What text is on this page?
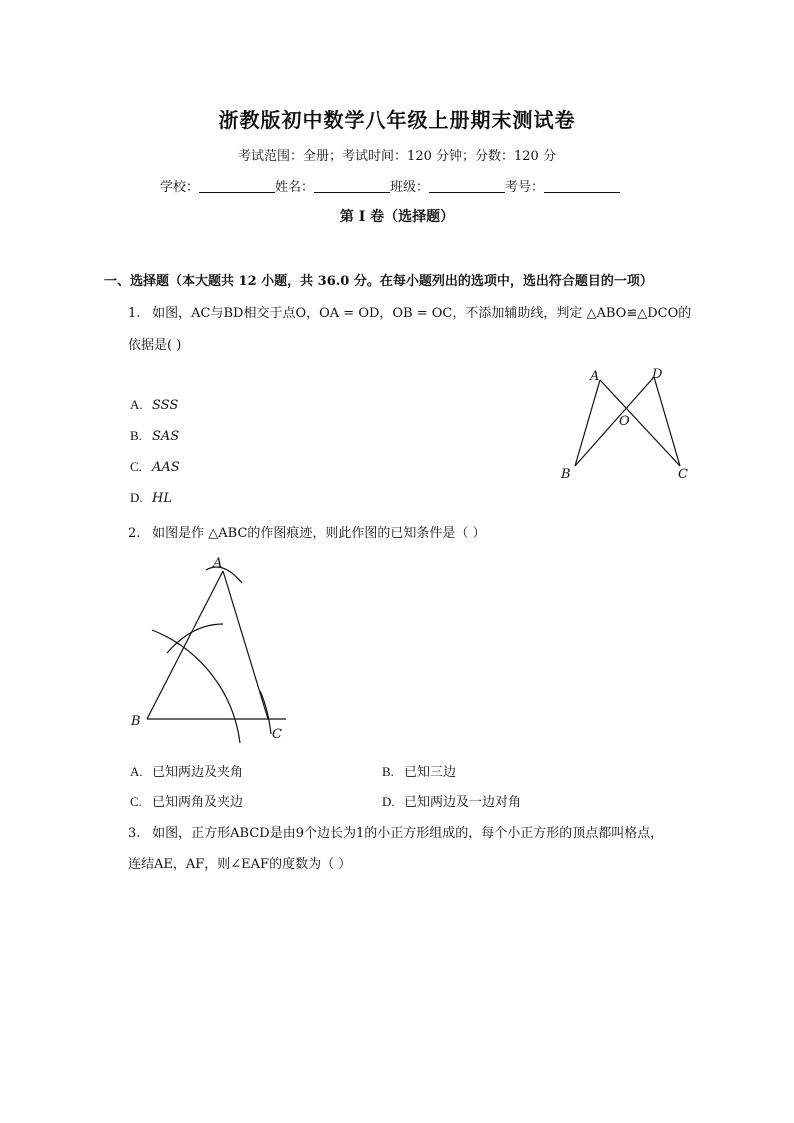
浙教版初中数学八年级上册期末测试卷
考试范围：全册；考试时间：120 分钟；分数：120 分
学校：	姓名：	班级：	考号：
第 I 卷（选择题）
一、选择题（本大题共 12 小题，共 36.0 分。在每小题列出的选项中，选出符合题目的一项）
1. 如图，AC与BD相交于点O，OA = OD，OB = OC，不添加辅助线，判定 △ABO≌△DCO的
依据是( )
A. SSS
B. SAS
C. AAS
D. HL
A	D
O
B	C
2. 如图是作 △ABC的作图痕迹，则此作图的已知条件是（ ）
A
B
C
A. 已知两边及夹角	B. 已知三边
C. 已知两角及夹边	D. 已知两边及一边对角
3. 如图，正方形ABCD是由9个边长为1的小正方形组成的，每个小正方形的顶点都叫格点，
连结AE，AF，则∠EAF的度数为（ ）
